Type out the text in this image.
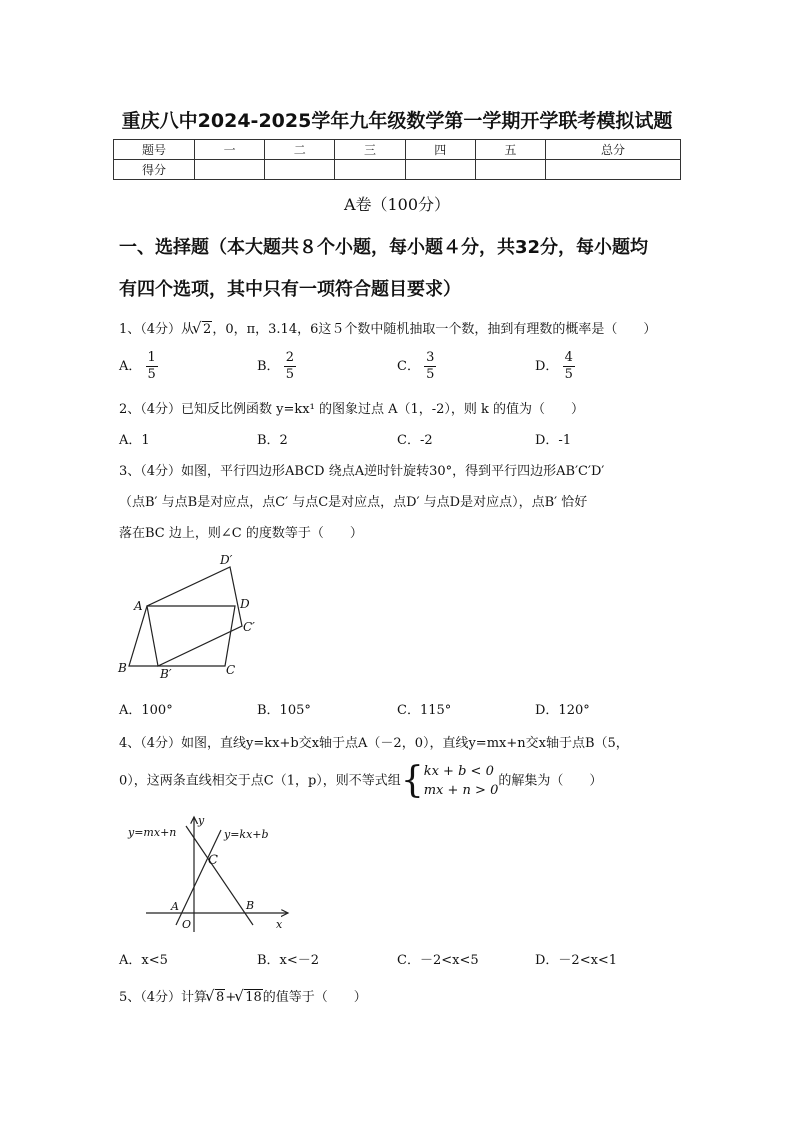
重庆八中2024-2025学年九年级数学第一学期开学联考模拟试题
题号	一	二	三	四	五	总分
得分						
A卷（100分）
一、选择题（本大题共８个小题，每小题４分，共32分，每小题均
有四个选项，其中只有一项符合题目要求）
1、（4分）从 √ 2，0，π，3.14，6这５个数中随机抽取一个数，抽到有理数的概率是（　　）
A． $\frac{1}{5}$	B． $\frac{2}{5}$	C． $\frac{3}{5}$	D． $\frac{4}{5}$
2、（4分）已知反比例函数 y=kx¹ 的图象过点 A（1，-2），则 k 的值为（　　）
A．1	B．2	C．-2	D．-1
3、（4分）如图，平行四边形ABCD 绕点A逆时针旋转30°，得到平行四边形AB′C′D′
（点B′ 与点B是对应点，点C′ 与点C是对应点，点D′ 与点D是对应点），点B′ 恰好
落在BC 边上，则∠C 的度数等于（　　）
A
B	C
D
B′
C′
D′
A．100°	B．105°	C．115°	D．120°
4、（4分）如图，直线y=kx+b交x轴于点A（－2，0），直线y=mx+n交x轴于点B（5，
0），这两条直线相交于点C（1，p），则不等式组{ kx + b < 0
mx + n > 0
的解集为（　　）
y=mx+n	y=kx+b
y
x
A	B
C
O
A．x<5	B．x<－2	C．－2<x<5	D．－2<x<1
5、（4分）计算 √ 8+ √ 18的值等于（　　）
